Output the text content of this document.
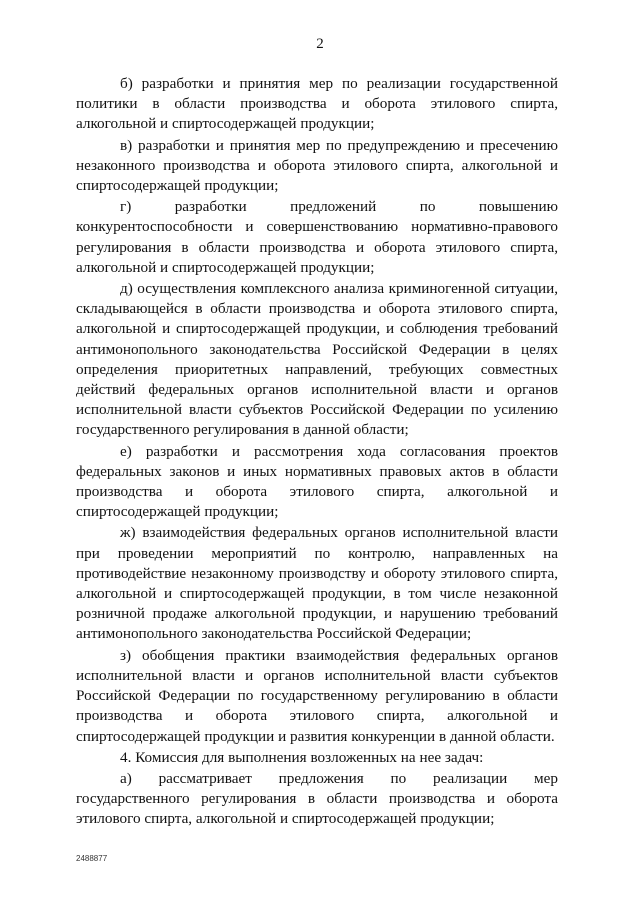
2

б) разработки и принятия мер по реализации государственной политики в области производства и оборота этилового спирта, алкогольной и спиртосодержащей продукции;

в) разработки и принятия мер по предупреждению и пресечению незаконного производства и оборота этилового спирта, алкогольной и спиртосодержащей продукции;

г) разработки предложений по повышению конкурентоспособности и совершенствованию нормативно-правового регулирования в области производства и оборота этилового спирта, алкогольной и спиртосодержащей продукции;

д) осуществления комплексного анализа криминогенной ситуации, складывающейся в области производства и оборота этилового спирта, алкогольной и спиртосодержащей продукции, и соблюдения требований антимонопольного законодательства Российской Федерации в целях определения приоритетных направлений, требующих совместных действий федеральных органов исполнительной власти и органов исполнительной власти субъектов Российской Федерации по усилению государственного регулирования в данной области;

е) разработки и рассмотрения хода согласования проектов федеральных законов и иных нормативных правовых актов в области производства и оборота этилового спирта, алкогольной и спиртосодержащей продукции;

ж) взаимодействия федеральных органов исполнительной власти при проведении мероприятий по контролю, направленных на противодействие незаконному производству и обороту этилового спирта, алкогольной и спиртосодержащей продукции, в том числе незаконной розничной продаже алкогольной продукции, и нарушению требований антимонопольного законодательства Российской Федерации;

з) обобщения практики взаимодействия федеральных органов исполнительной власти и органов исполнительной власти субъектов Российской Федерации по государственному регулированию в области производства и оборота этилового спирта, алкогольной и спиртосодержащей продукции и развития конкуренции в данной области.

4. Комиссия для выполнения возложенных на нее задач:

а) рассматривает предложения по реализации мер государственного регулирования в области производства и оборота этилового спирта, алкогольной и спиртосодержащей продукции;

2488877
